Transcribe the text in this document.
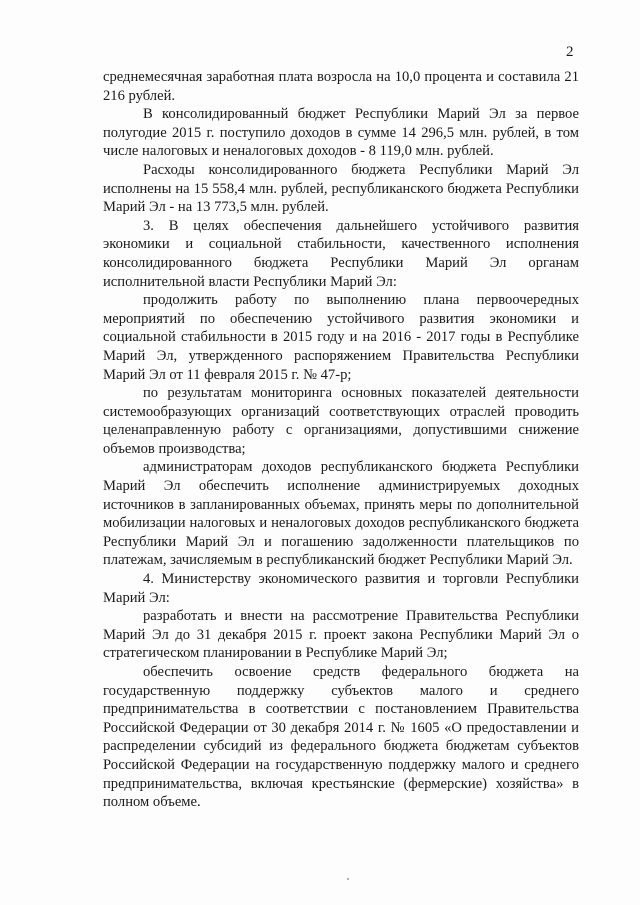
2

среднемесячная заработная плата возросла на 10,0 процента и составила 21 216 рублей.

В консолидированный бюджет Республики Марий Эл за первое полугодие 2015 г. поступило доходов в сумме 14 296,5 млн. рублей, в том числе налоговых и неналоговых доходов - 8 119,0 млн. рублей.

Расходы консолидированного бюджета Республики Марий Эл исполнены на 15 558,4 млн. рублей, республиканского бюджета Республики Марий Эл - на 13 773,5 млн. рублей.

3. В целях обеспечения дальнейшего устойчивого развития экономики и социальной стабильности, качественного исполнения консолидированного бюджета Республики Марий Эл органам исполнительной власти Республики Марий Эл:

продолжить работу по выполнению плана первоочередных мероприятий по обеспечению устойчивого развития экономики и социальной стабильности в 2015 году и на 2016 - 2017 годы в Республике Марий Эл, утвержденного распоряжением Правительства Республики Марий Эл от 11 февраля 2015 г. № 47-р;

по результатам мониторинга основных показателей деятельности системообразующих организаций соответствующих отраслей проводить целенаправленную работу с организациями, допустившими снижение объемов производства;

администраторам доходов республиканского бюджета Республики Марий Эл обеспечить исполнение администрируемых доходных источников в запланированных объемах, принять меры по дополнительной мобилизации налоговых и неналоговых доходов республиканского бюджета Республики Марий Эл и погашению задолженности плательщиков по платежам, зачисляемым в республиканский бюджет Республики Марий Эл.

4. Министерству экономического развития и торговли Республики Марий Эл:

разработать и внести на рассмотрение Правительства Республики Марий Эл до 31 декабря 2015 г. проект закона Республики Марий Эл о стратегическом планировании в Республике Марий Эл;

обеспечить освоение средств федерального бюджета на государственную поддержку субъектов малого и среднего предпринимательства в соответствии с постановлением Правительства Российской Федерации от 30 декабря 2014 г. № 1605 «О предоставлении и распределении субсидий из федерального бюджета бюджетам субъектов Российской Федерации на государственную поддержку малого и среднего предпринимательства, включая крестьянские (фермерские) хозяйства» в полном объеме.
